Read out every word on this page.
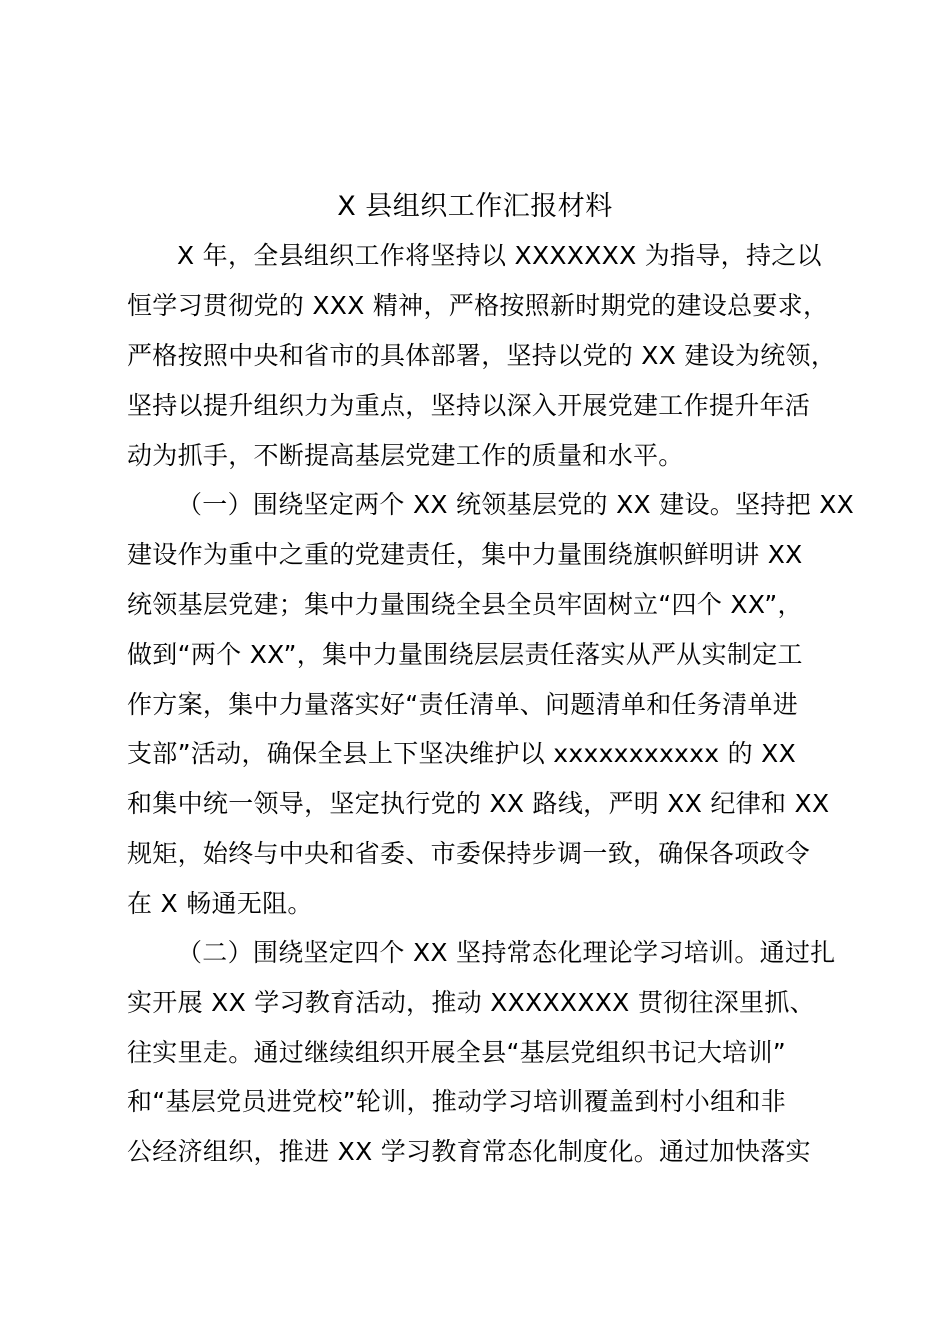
X 县组织工作汇报材料
X 年，全县组织工作将坚持以 XXXXXXX 为指导，持之以
恒学习贯彻党的 XXX 精神，严格按照新时期党的建设总要求，
严格按照中央和省市的具体部署，坚持以党的 XX 建设为统领，
坚持以提升组织力为重点，坚持以深入开展党建工作提升年活
动为抓手，不断提高基层党建工作的质量和水平。
（一）围绕坚定两个 XX 统领基层党的 XX 建设。坚持把 XX
建设作为重中之重的党建责任，集中力量围绕旗帜鲜明讲 XX
统领基层党建；集中力量围绕全县全员牢固树立“四个 XX”，
做到“两个 XX”，集中力量围绕层层责任落实从严从实制定工
作方案，集中力量落实好“责任清单、问题清单和任务清单进
支部”活动，确保全县上下坚决维护以 xxxxxxxxxxx 的 XX
和集中统一领导，坚定执行党的 XX 路线，严明 XX 纪律和 XX
规矩，始终与中央和省委、市委保持步调一致，确保各项政令
在 X 畅通无阻。
（二）围绕坚定四个 XX 坚持常态化理论学习培训。通过扎
实开展 XX 学习教育活动，推动 XXXXXXXX 贯彻往深里抓、
往实里走。通过继续组织开展全县“基层党组织书记大培训”
和“基层党员进党校”轮训，推动学习培训覆盖到村小组和非
公经济组织，推进 XX 学习教育常态化制度化。通过加快落实
